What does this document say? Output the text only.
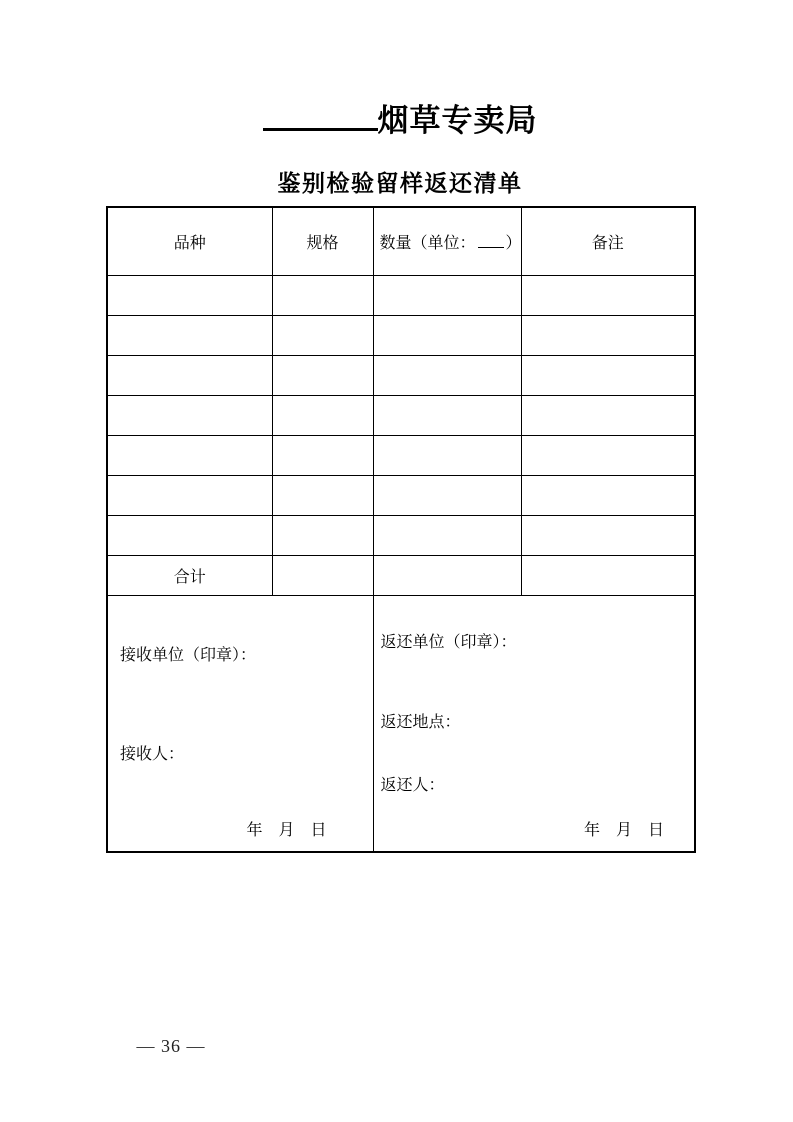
烟草专卖局
鉴别检验留样返还清单
品种	规格	数量（单位： ）	备注

合计			

接收单位（印章）：
接收人：
年　月　日

返还单位（印章）：
返还地点：
返还人：
年　月　日
— 36 —
